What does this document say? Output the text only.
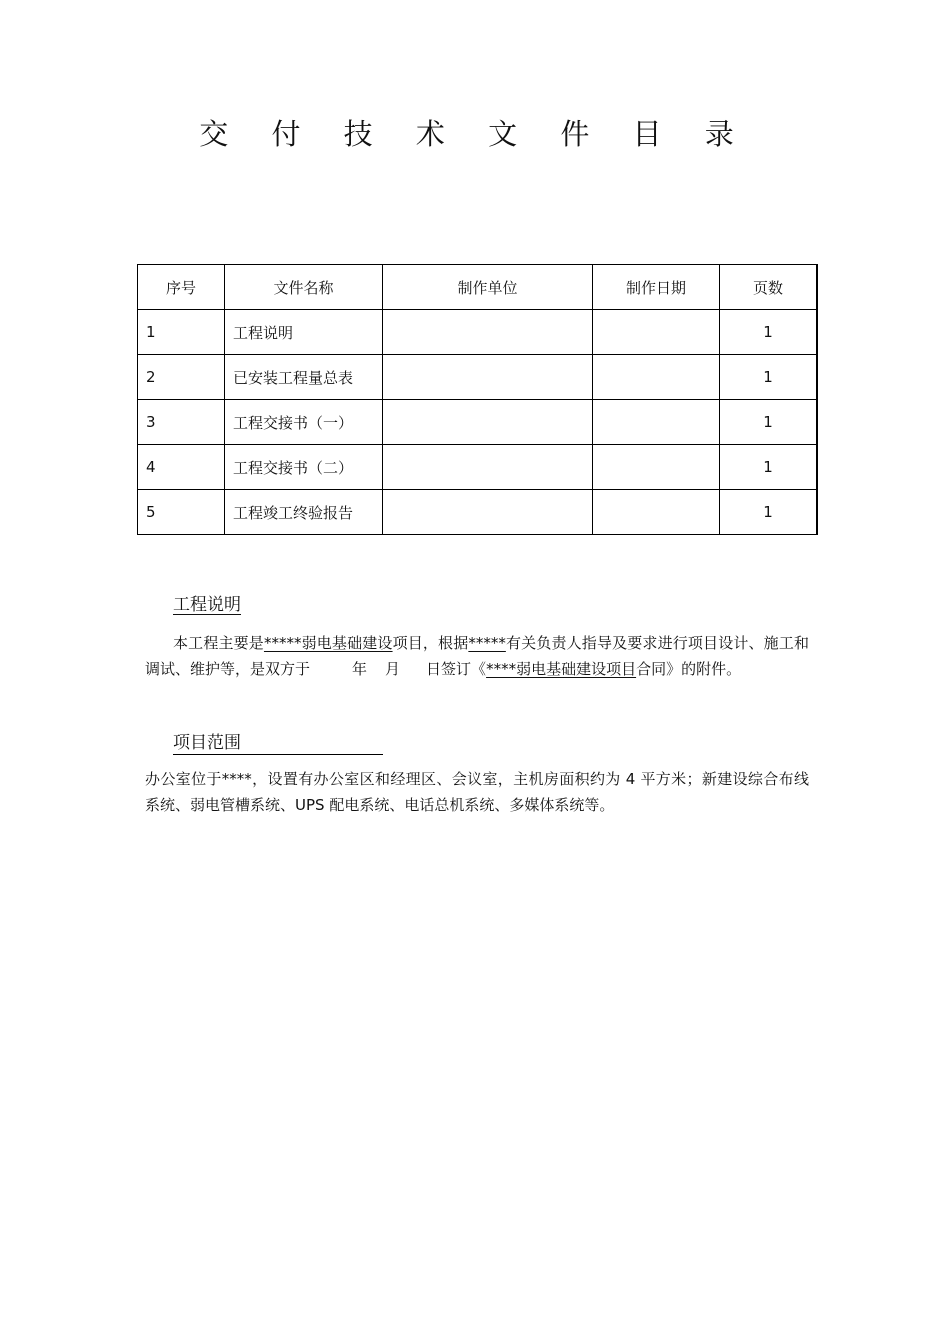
交 付 技 术 文 件 目 录
序号	文件名称	制作单位	制作日期	页数
1	工程说明			1
2	已安装工程量总表			1
3	工程交接书（一）			1
4	工程交接书（二）			1
5	工程竣工终验报告			1
工程说明
本工程主要是*****弱电基础建设项目，根据*****有关负责人指导及要求进行项目设计、施工和调试、维护等，是双方于	年 月 日签订《****弱电基础建设项目合同》的附件。
项目范围
办公室位于****，设置有办公室区和经理区、会议室，主机房面积约为 4 平方米；新建设综合布线系统、弱电管槽系统、UPS 配电系统、电话总机系统、多媒体系统等。
